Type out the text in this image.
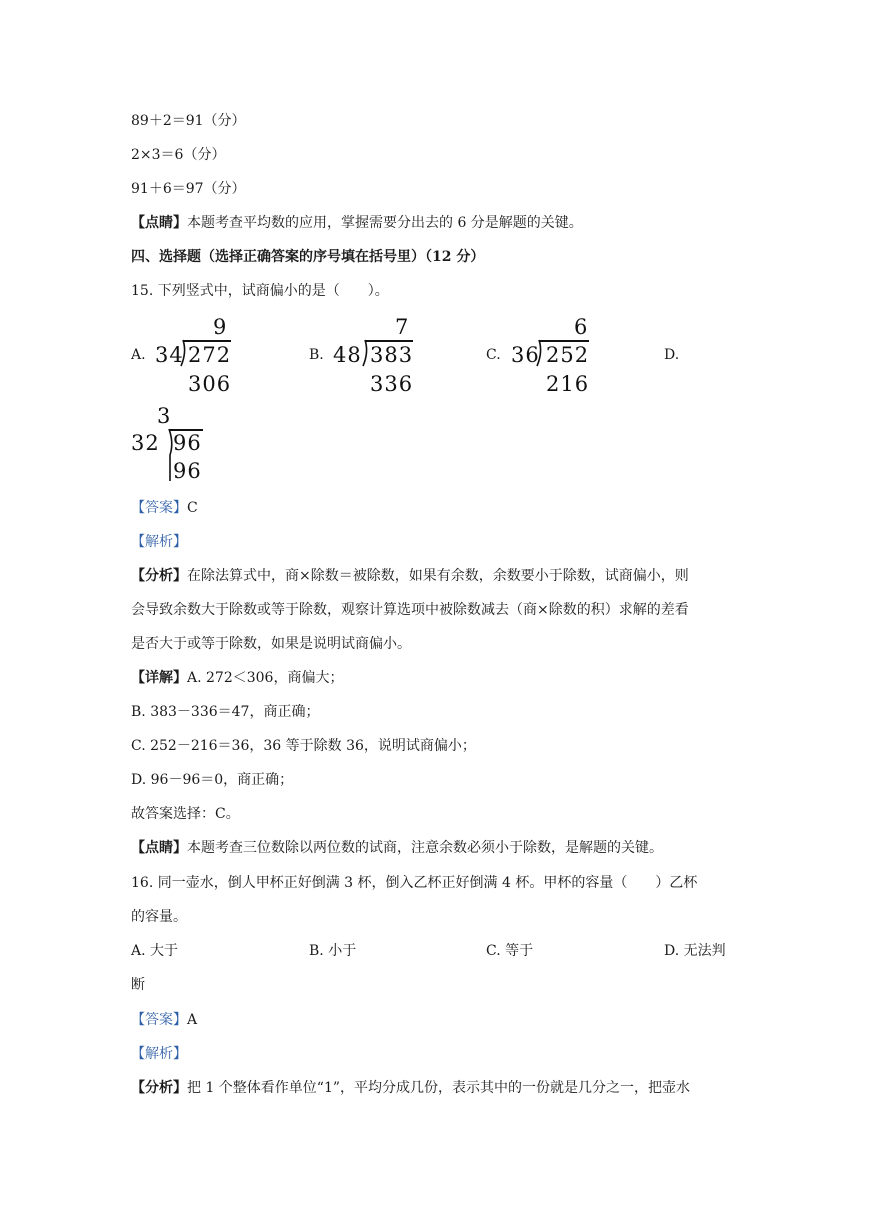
89＋2＝91（分）
2×3＝6（分）
91＋6＝97（分）
【点睛】本题考查平均数的应用，掌握需要分出去的 6 分是解题的关键。
四、选择题（选择正确答案的序号填在括号里）（12 分）
15. 下列竖式中，试商偏小的是（　　）。
A.	B.	C.	D.
9
34 272
306
7
48 383
336
6
36 252
216
3
32 96
96
【答案】C
【解析】
【分析】在除法算式中，商×除数＝被除数，如果有余数，余数要小于除数，试商偏小，则
会导致余数大于除数或等于除数，观察计算选项中被除数减去（商×除数的积）求解的差看
是否大于或等于除数，如果是说明试商偏小。
【详解】A. 272＜306，商偏大；
B. 383－336＝47，商正确；
C. 252－216＝36，36 等于除数 36，说明试商偏小；
D. 96－96＝0，商正确；
故答案选择：C。
【点睛】本题考查三位数除以两位数的试商，注意余数必须小于除数，是解题的关键。
16. 同一壶水，倒人甲杯正好倒满 3 杯，倒入乙杯正好倒满 4 杯。甲杯的容量（　　）乙杯
的容量。
A. 大于	B. 小于	C. 等于	D. 无法判
断
【答案】A
【解析】
【分析】把 1 个整体看作单位“1”，平均分成几份，表示其中的一份就是几分之一，把壶水
